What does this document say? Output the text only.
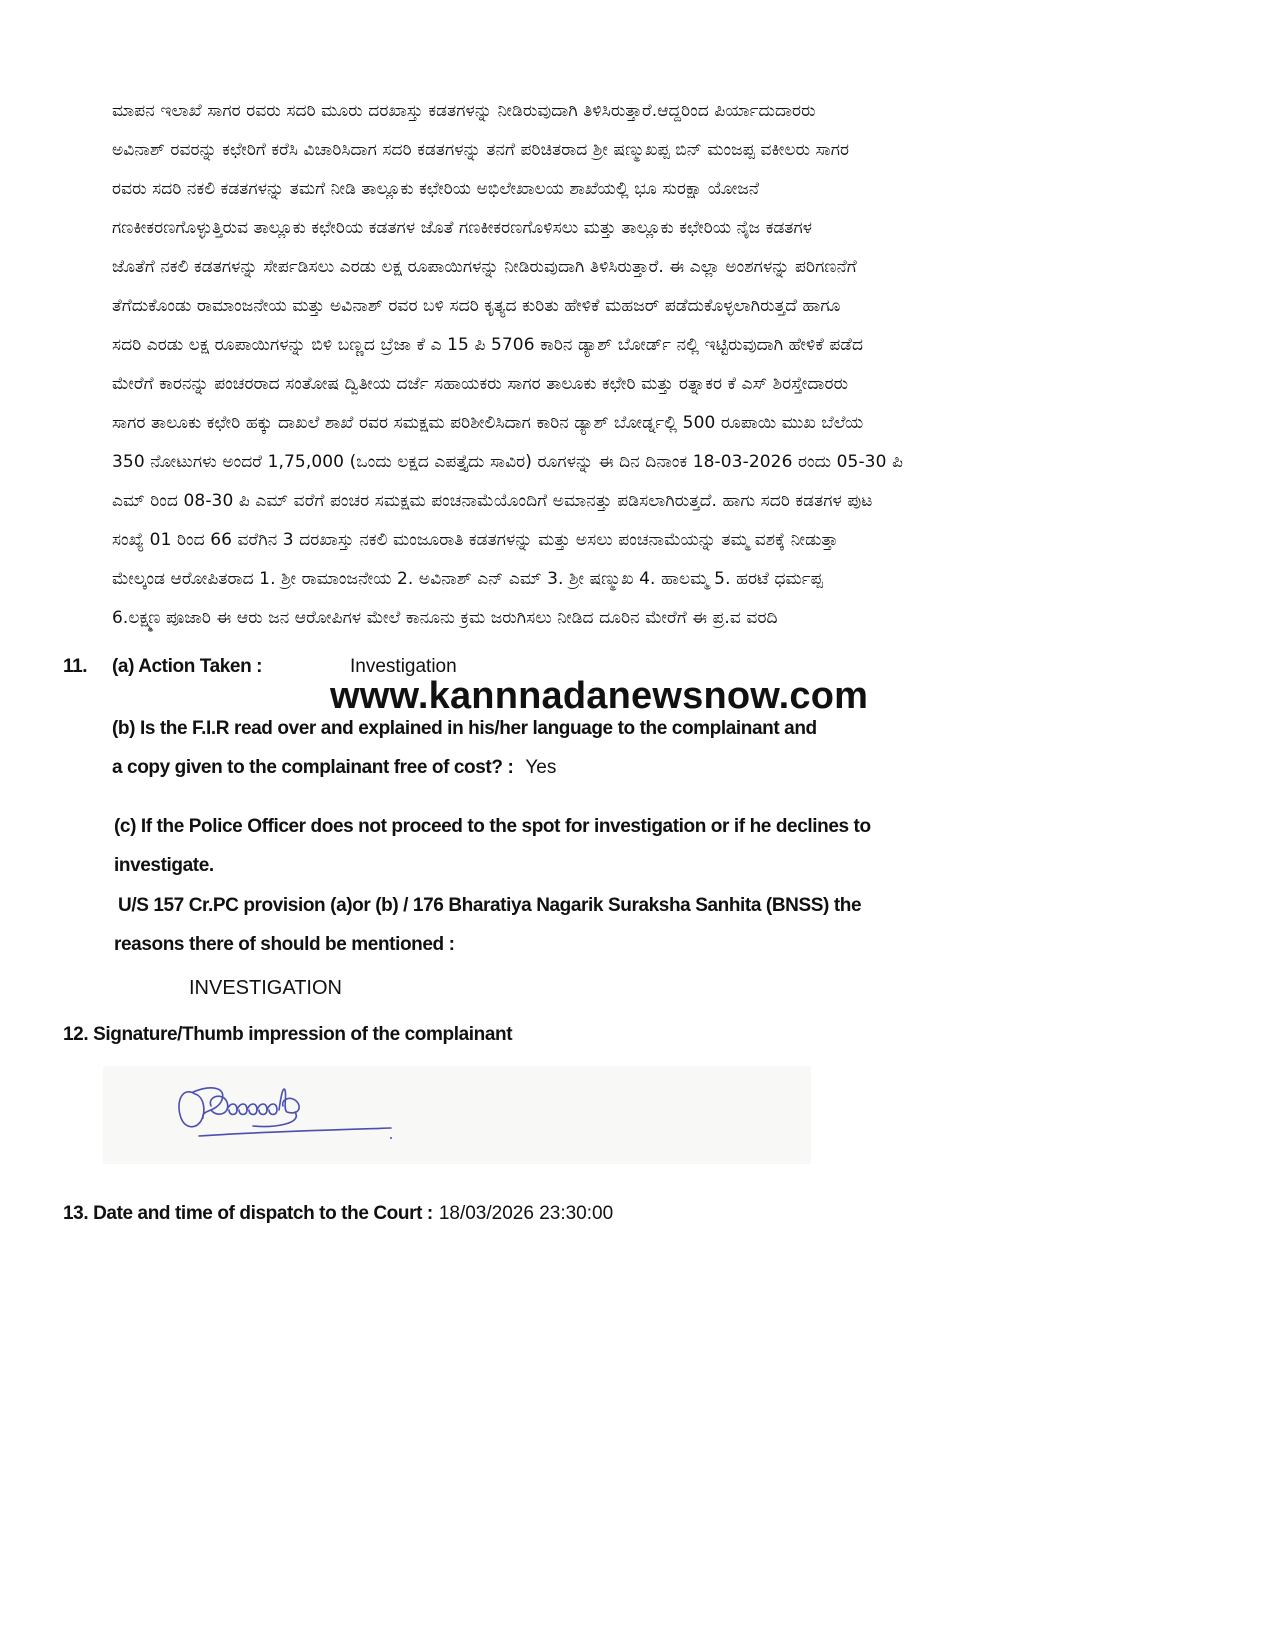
ಮಾಪನ ಇಲಾಖೆ ಸಾಗರ ರವರು ಸದರಿ ಮೂರು ದರಖಾಸ್ತು ಕಡತಗಳನ್ನು ನೀಡಿರುವುದಾಗಿ ತಿಳಿಸಿರುತ್ತಾರೆ.ಆದ್ದರಿಂದ ಪಿರ್ಯಾದುದಾರರು
ಅವಿನಾಶ್ ರವರನ್ನು ಕಛೇರಿಗೆ ಕರೆಸಿ ವಿಚಾರಿಸಿದಾಗ ಸದರಿ ಕಡತಗಳನ್ನು ತನಗೆ ಪರಿಚಿತರಾದ ಶ್ರೀ ಷಣ್ಮುಖಪ್ಪ ಬಿನ್ ಮಂಜಪ್ಪ ವಕೀಲರು ಸಾಗರ
ರವರು ಸದರಿ ನಕಲಿ ಕಡತಗಳನ್ನು ತಮಗೆ ನೀಡಿ ತಾಲ್ಲೂಕು ಕಛೇರಿಯ ಅಭಿಲೇಖಾಲಯ ಶಾಖೆಯಲ್ಲಿ ಭೂ ಸುರಕ್ಷಾ ಯೋಜನೆ
ಗಣಕೀಕರಣಗೊಳ್ಳುತ್ತಿರುವ ತಾಲ್ಲೂಕು ಕಛೇರಿಯ ಕಡತಗಳ ಜೊತೆ ಗಣಕೀಕರಣಗೊಳಿಸಲು ಮತ್ತು ತಾಲ್ಲೂಕು ಕಛೇರಿಯ ನೈಜ ಕಡತಗಳ
ಜೊತೆಗೆ ನಕಲಿ ಕಡತಗಳನ್ನು ಸೇರ್ಪಡಿಸಲು ಎರಡು ಲಕ್ಷ ರೂಪಾಯಿಗಳನ್ನು ನೀಡಿರುವುದಾಗಿ ತಿಳಿಸಿರುತ್ತಾರೆ. ಈ ಎಲ್ಲಾ ಅಂಶಗಳನ್ನು ಪರಿಗಣನೆಗೆ
ತೆಗೆದುಕೊಂಡು ರಾಮಾಂಜನೇಯ ಮತ್ತು ಅವಿನಾಶ್ ರವರ ಬಳಿ ಸದರಿ ಕೃತ್ಯದ ಕುರಿತು ಹೇಳಿಕೆ ಮಹಜರ್ ಪಡೆದುಕೊಳ್ಳಲಾಗಿರುತ್ತದೆ ಹಾಗೂ
ಸದರಿ ಎರಡು ಲಕ್ಷ ರೂಪಾಯಿಗಳನ್ನು ಬಿಳಿ ಬಣ್ಣದ ಬ್ರೆಜಾ ಕೆ ಎ 15 ಪಿ 5706 ಕಾರಿನ ಡ್ಯಾಶ್ ಬೋರ್ಡ್ ನಲ್ಲಿ ಇಟ್ಟಿರುವುದಾಗಿ ಹೇಳಿಕೆ ಪಡೆದ
ಮೇರೆಗೆ ಕಾರನನ್ನು ಪಂಚರರಾದ ಸಂತೋಷ ದ್ವಿತೀಯ ದರ್ಜೆ ಸಹಾಯಕರು ಸಾಗರ ತಾಲೂಕು ಕಛೇರಿ ಮತ್ತು ರತ್ನಾಕರ ಕೆ ಎಸ್ ಶಿರಸ್ತೇದಾರರು
ಸಾಗರ ತಾಲೂಕು ಕಛೇರಿ ಹಕ್ಕು ದಾಖಲೆ ಶಾಖೆ ರವರ ಸಮಕ್ಷಮ ಪರಿಶೀಲಿಸಿದಾಗ ಕಾರಿನ ಡ್ಯಾಶ್ ಬೋರ್ಡ್ನಲ್ಲಿ 500 ರೂಪಾಯಿ ಮುಖ ಬೆಲೆಯ
350 ನೋಟುಗಳು ಅಂದರೆ 1,75,000 (ಒಂದು ಲಕ್ಷದ ಎಪತ್ತೈದು ಸಾವಿರ) ರೂಗಳನ್ನು ಈ ದಿನ ದಿನಾಂಕ 18-03-2026 ರಂದು 05-30 ಪಿ
ಎಮ್ ರಿಂದ 08-30 ಪಿ ಎಮ್ ವರೆಗೆ ಪಂಚರ ಸಮಕ್ಷಮ ಪಂಚನಾಮೆಯೊಂದಿಗೆ ಅಮಾನತ್ತು ಪಡಿಸಲಾಗಿರುತ್ತದೆ. ಹಾಗು ಸದರಿ ಕಡತಗಳ ಪುಟ
ಸಂಖ್ಯೆ 01 ರಿಂದ 66 ವರೆಗಿನ 3 ದರಖಾಸ್ತು ನಕಲಿ ಮಂಜೂರಾತಿ ಕಡತಗಳನ್ನು ಮತ್ತು ಅಸಲು ಪಂಚನಾಮೆಯನ್ನು ತಮ್ಮ ವಶಕ್ಕೆ ನೀಡುತ್ತಾ
ಮೇಲ್ಕಂಡ ಆರೋಪಿತರಾದ 1. ಶ್ರೀ ರಾಮಾಂಜನೇಯ 2. ಅವಿನಾಶ್ ಎನ್ ಎಮ್ 3. ಶ್ರೀ ಷಣ್ಮುಖ 4. ಹಾಲಮ್ಮ 5. ಹರಟೆ ಧರ್ಮಪ್ಪ
6.ಲಕ್ಷ್ಮಣ ಪೂಜಾರಿ ಈ ಆರು ಜನ ಆರೋಪಿಗಳ ಮೇಲೆ ಕಾನೂನು ಕ್ರಮ ಜರುಗಿಸಲು ನೀಡಿದ ದೂರಿನ ಮೇರೆಗೆ ಈ ಪ್ರ.ವ ವರದಿ
11. (a) Action Taken :	Investigation
www.kannnadanewsnow.com
(b) Is the F.I.R read over and explained in his/her language to the complainant and
a copy given to the complainant free of cost? : Yes
(c) If the Police Officer does not proceed to the spot for investigation or if he declines to
investigate.
U/S 157 Cr.PC provision (a)or (b) / 176 Bharatiya Nagarik Suraksha Sanhita (BNSS) the
reasons there of should be mentioned :
INVESTIGATION
12. Signature/Thumb impression of the complainant
13. Date and time of dispatch to the Court : 18/03/2026 23:30:00
